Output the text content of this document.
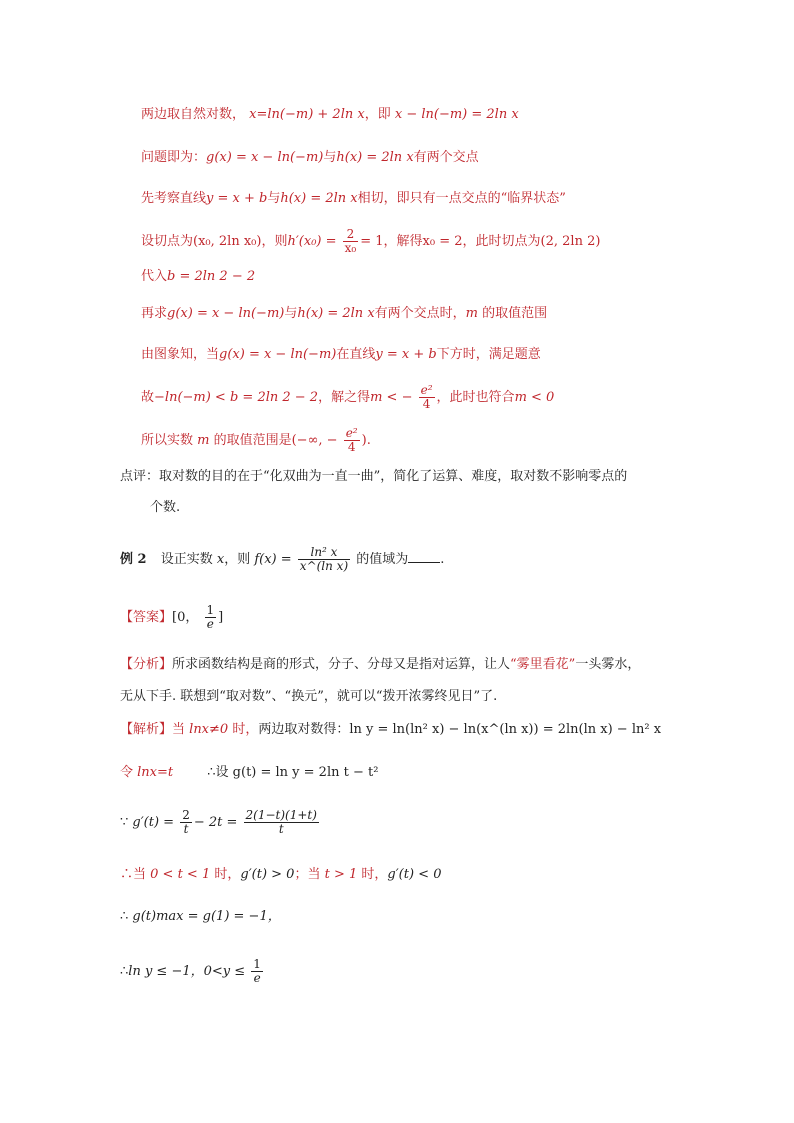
两边取自然对数， x=ln(−m) + 2ln x，即 x − ln(−m) = 2ln x
问题即为：g(x) = x − ln(−m)与h(x) = 2ln x有两个交点
先考察直线y = x + b与h(x) = 2ln x相切，即只有一点交点的“临界状态”
设切点为(x₀, 2ln x₀)，则$h'(x_0) = \frac{2}{\text{x₀}} = 1$，解得x₀ = 2，此时切点为(2, 2ln 2)
代入b = 2ln 2 − 2
再求g(x) = x − ln(−m)与h(x) = 2ln x有两个交点时，m 的取值范围
由图象知，当g(x) = x − ln(−m)在直线y = x + b下方时，满足题意
故−ln(−m) < b = 2ln 2 − 2，解之得m < − $\frac{\text{e²}}{4}$ ，此时也符合m < 0
所以实数 m 的取值范围是(−∞, − $\frac{\text{e²}}{4}$ ).
点评：取对数的目的在于“化双曲为一直一曲”，简化了运算、难度，取对数不影响零点的
个数.
例 2 设正实数 x，则 $f(x) = \frac{\text{ln² x}}{\text{x\textasciicircum{}(ln x)}}$ 的值域为 .
【答案】[0， $\frac{1}{e}$ ]
【分析】所求函数结构是商的形式，分子、分母又是指对运算，让人“雾里看花”一头雾水，
无从下手. 联想到“取对数”、“换元”，就可以“拨开浓雾终见日”了.
【解析】当 lnx≠0 时，两边取对数得：ln y = ln(ln² x) − ln(x^(ln x)) = 2ln(ln x) − ln² x
令 lnx=t	∴设 g(t) = ln y = 2ln t − t²
∵ $g'(t) = \frac{2}{t} - 2t = \frac{2(1-t)(1+t)}{t}$
∴当 0 < t < 1 时，g′(t) > 0；当 t > 1 时，g′(t) < 0
∴ g(t)max = g(1) = −1，
∴ln y ≤ −1，$0<y \le \frac{1}{e}$
